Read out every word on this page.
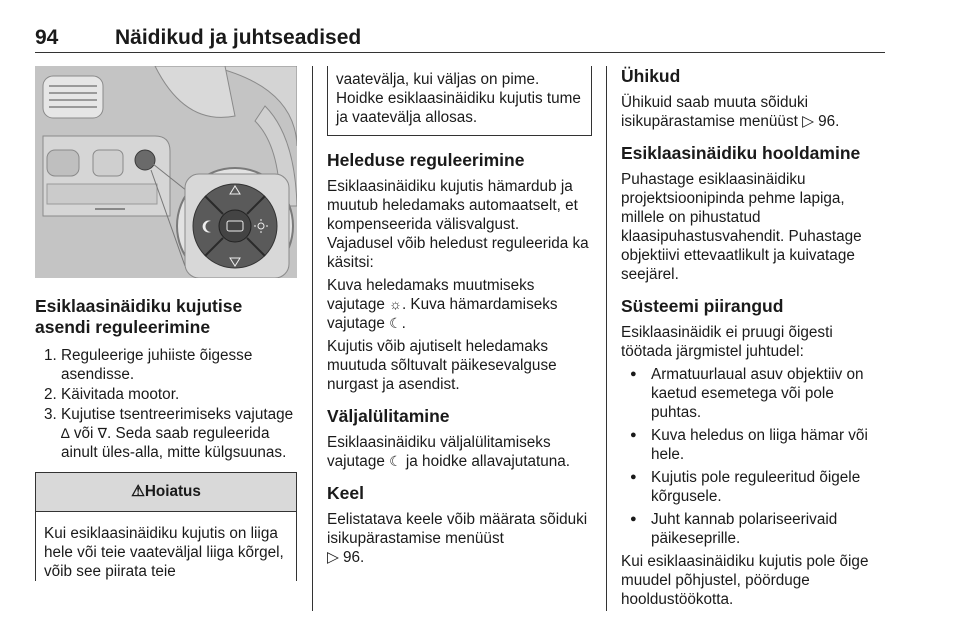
94	Näidikud ja juhtseadised
Esiklaasinäidiku kujutise asendi reguleerimine
1. Reguleerige juhiiste õigesse asendisse.
2. Käivitada mootor.
3. Kujutise tsentreerimiseks vajutage ∆ või ∇. Seda saab reguleerida ainult üles-alla, mitte külgsuunas.
⚠Hoiatus
Kui esiklaasinäidiku kujutis on liiga hele või teie vaateväljal liiga kõrgel, võib see piirata teie
vaatevälja, kui väljas on pime. Hoidke esiklaasinäidiku kujutis tume ja vaatevälja allosas.
Heleduse reguleerimine

Esiklaasinäidiku kujutis hämardub ja muutub heledamaks automaatselt, et kompenseerida välisvalgust.

Vajadusel võib heledust reguleerida ka käsitsi:

Kuva heledamaks muutmiseks vajutage ☼. Kuva hämardamiseks vajutage ☾.

Kujutis võib ajutiselt heledamaks muutuda sõltuvalt päikesevalguse nurgast ja asendist.

Väljalülitamine

Esiklaasinäidiku väljalülitamiseks vajutage ☾ ja hoidke allavajutatuna.

Keel

Eelistatava keele võib määrata sõiduki isikupärastamise menüüst

▷ 96.

Ühikud

Ühikuid saab muuta sõiduki isikupärastamise menüüst ▷ 96.

Esiklaasinäidiku hooldamine

Puhastage esiklaasinäidiku projektsioonipinda pehme lapiga, millele on pihustatud klaasipuhastusvahendit. Puhastage objektiivi ettevaatlikult ja kuivatage seejärel.

Süsteemi piirangud

Esiklaasinäidik ei pruugi õigesti töötada järgmistel juhtudel:

● Armatuurlaual asuv objektiiv on kaetud esemetega või pole puhtas.
● Kuva heledus on liiga hämar või hele.
● Kujutis pole reguleeritud õigele kõrgusele.
● Juht kannab polariseerivaid päikeseprille.

Kui esiklaasinäidiku kujutis pole õige muudel põhjustel, pöörduge hooldustöökotta.
